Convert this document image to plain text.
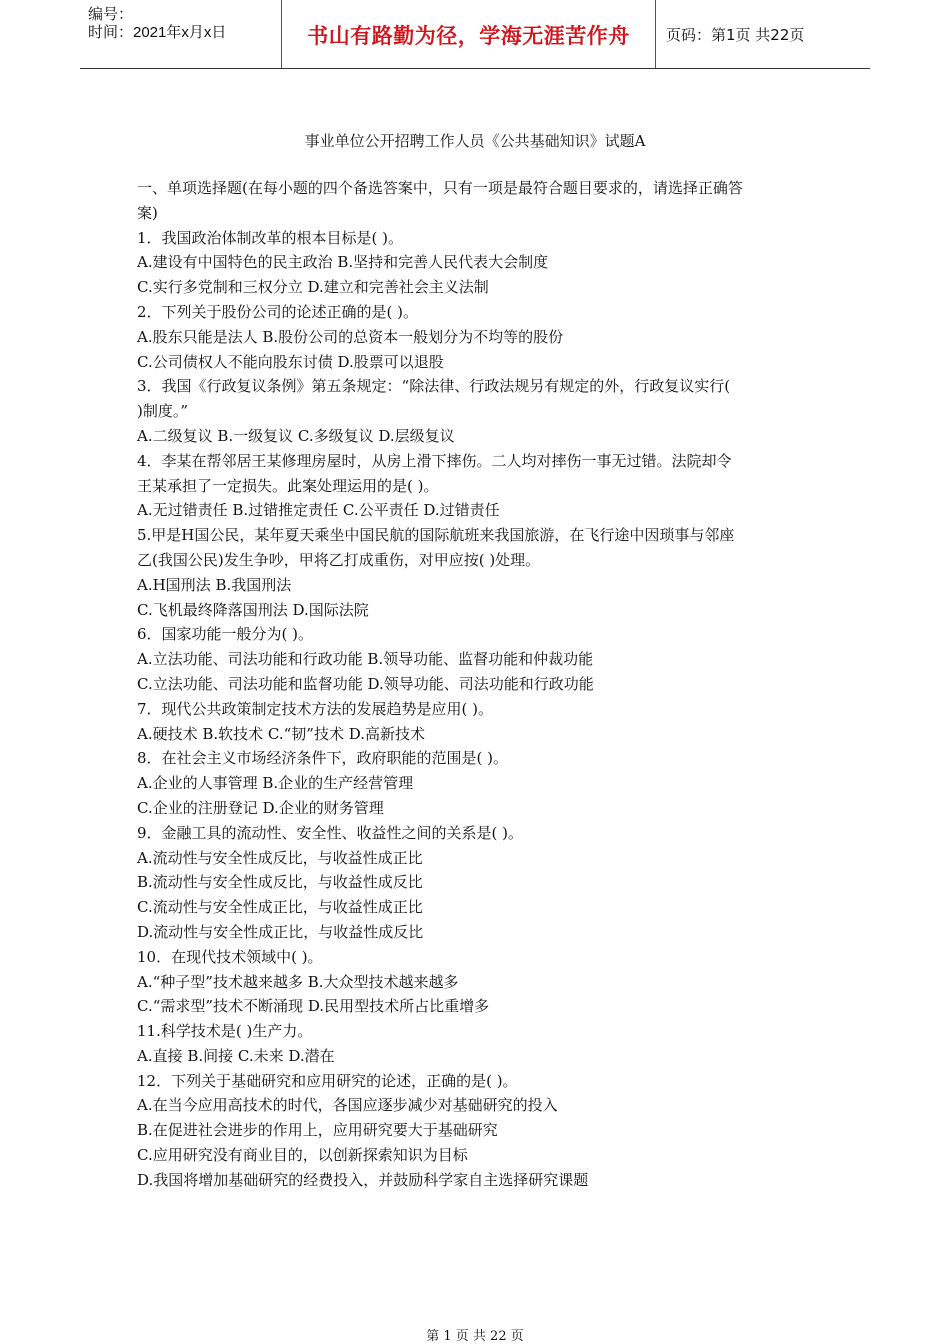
编号：
时间：2021年x月x日	书山有路勤为径，学海无涯苦作舟	页码：第1页 共22页
事业单位公开招聘工作人员《公共基础知识》试题A
一、单项选择题(在每小题的四个备选答案中，只有一项是最符合题目要求的，请选择正确答
案)
1．我国政治体制改革的根本目标是( )。
A.建设有中国特色的民主政治 B.坚持和完善人民代表大会制度
C.实行多党制和三权分立 D.建立和完善社会主义法制
2．下列关于股份公司的论述正确的是( )。
A.股东只能是法人 B.股份公司的总资本一般划分为不均等的股份
C.公司债权人不能向股东讨债 D.股票可以退股
3．我国《行政复议条例》第五条规定：“除法律、行政法规另有规定的外，行政复议实行(
)制度。”
A.二级复议 B.一级复议 C.多级复议 D.层级复议
4．李某在帮邻居王某修理房屋时，从房上滑下摔伤。二人均对摔伤一事无过错。法院却令
王某承担了一定损失。此案处理运用的是( )。
A.无过错责任 B.过错推定责任 C.公平责任 D.过错责任
5.甲是H国公民，某年夏天乘坐中国民航的国际航班来我国旅游，在飞行途中因琐事与邻座
乙(我国公民)发生争吵，甲将乙打成重伤，对甲应按( )处理。
A.H国刑法 B.我国刑法
C.飞机最终降落国刑法 D.国际法院
6．国家功能一般分为( )。
A.立法功能、司法功能和行政功能 B.领导功能、监督功能和仲裁功能
C.立法功能、司法功能和监督功能 D.领导功能、司法功能和行政功能
7．现代公共政策制定技术方法的发展趋势是应用( )。
A.硬技术 B.软技术 C.“韧”技术 D.高新技术
8．在社会主义市场经济条件下，政府职能的范围是( )。
A.企业的人事管理 B.企业的生产经营管理
C.企业的注册登记 D.企业的财务管理
9．金融工具的流动性、安全性、收益性之间的关系是( )。
A.流动性与安全性成反比，与收益性成正比
B.流动性与安全性成反比，与收益性成反比
C.流动性与安全性成正比，与收益性成正比
D.流动性与安全性成正比，与收益性成反比
10．在现代技术领域中( )。
A.“种子型”技术越来越多 B.大众型技术越来越多
C.“需求型”技术不断涌现 D.民用型技术所占比重增多
11.科学技术是( )生产力。
A.直接 B.间接 C.未来 D.潜在
12．下列关于基础研究和应用研究的论述，正确的是( )。
A.在当今应用高技术的时代，各国应逐步减少对基础研究的投入
B.在促进社会进步的作用上，应用研究要大于基础研究
C.应用研究没有商业目的，以创新探索知识为目标
D.我国将增加基础研究的经费投入，并鼓励科学家自主选择研究课题
第 1 页 共 22 页
